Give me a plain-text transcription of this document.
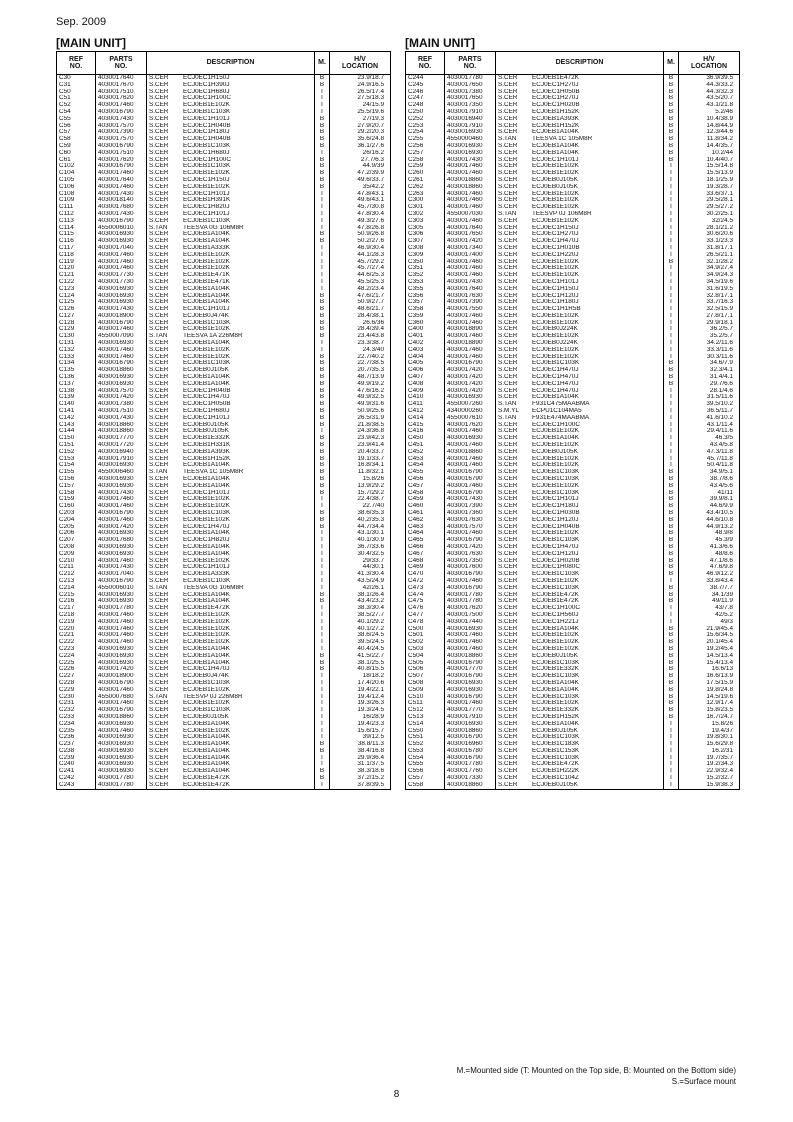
Sep. 2009
[MAIN UNIT]	[MAIN UNIT]
REF
NO.	PARTS
NO.	DESCRIPTION	M.	H/V
LOCATION
C30	4030017640	S.CER ECJ0EC1H150J	B	23.9/18.7
C31	4030017670	S.CER ECJ0EC1H390J	B	24.9/16.5
C50	4030017510	S.CER ECJ0EC1H680J	T	26.5/17.4
C51	4030017620	S.CER ECJ0EC1H100C	T	27.5/18.3
C52	4030017460	S.CER ECJ0EB1E102K	T	24/15.9
C54	4030016790	S.CER ECJ0EB1C103K	T	25.5/19.6
C55	4030017430	S.CER ECJ0EC1H101J	B	27/19.3
C56	4030017570	S.CER ECJ0EC1H040B	B	27.9/20.7
C57	4030017390	S.CER ECJ0EC1H180J	B	29.2/20.3
C58	4030017570	S.CER ECJ0EC1H040B	B	35.6/24.8
C59	4030016790	S.CER ECJ0EB1C103K	B	36.1/27.6
C60	4030017510	S.CER ECJ0EC1H680J	T	26/16.2
C61	4030017620	S.CER ECJ0EC1H100C	B	27.7/6.3
C102	4030016790	S.CER ECJ0EB1C103K	B	44.9/39
C104	4030017460	S.CER ECJ0EB1E102K	B	47.2/39.9
C105	4030017640	S.CER ECJ0EC1H150J	B	49.6/33.7
C106	4030017460	S.CER ECJ0EB1E102K	B	35/42.2
C108	4030017430	S.CER ECJ0EC1H101J	T	47.8/43.1
C109	4030018140	S.CER ECJ0EB1H391K	T	49.6/43.1
C111	4030017680	S.CER ECJ0EC1H820J	T	45.7/30.8
C112	4030017430	S.CER ECJ0EC1H101J	T	47.8/30.4
C113	4030016790	S.CER ECJ0EB1C103K	T	49.3/27.6
C114	4550006010	S.TAN TEESVA 0G 106M8R	T	47.8/26.8
C115	4030016930	S.CER ECJ0EB1A104K	B	50.9/26.8
C116	4030016930	S.CER ECJ0EB1A104K	B	50.2/27.6
C117	4030017040	S.CER ECJ0EB1A333K	T	46.9/30.4
C118	4030017460	S.CER ECJ0EB1E102K	T	44.1/28.3
C119	4030017460	S.CER ECJ0EB1E102K	T	45.7/29.2
C120	4030017460	S.CER ECJ0EB1E102K	T	45.7/27.4
C121	4030017730	S.CER ECJ0EB1E471K	T	44.6/25.3
C122	4030017730	S.CER ECJ0EB1E471K	T	45.5/25.3
C123	4030016930	S.CER ECJ0EB1A104K	T	48.2/23.4
C124	4030016930	S.CER ECJ0EB1A104K	B	47.6/21.7
C125	4030016930	S.CER ECJ0EB1A104K	B	50.9/27.7
C126	4030017430	S.CER ECJ0EC1H101J	B	48.6/21.7
C127	4030018900	S.CER ECJ0EB0J474K	B	28.4/38.1
C128	4030016790	S.CER ECJ0EB1C103K	B	26.6/36
C129	4030017460	S.CER ECJ0EB1E102K	B	28.4/39.4
C130	4550007090	S.TAN TEESVA 1A 226M8R	B	23.4/43.8
C131	4030016930	S.CER ECJ0EB1A104K	T	23.3/38.7
C132	4030017460	S.CER ECJ0EB1E102K	T	24.3/40
C133	4030017460	S.CER ECJ0EB1E102K	B	22.7/40.2
C134	4030016790	S.CER ECJ0EB1C103K	B	22.7/38.5
C135	4030018860	S.CER ECJ0EB0J105K	B	20.7/35.3
C136	4030016930	S.CER ECJ0EB1A104K	B	48.7/13.9
C137	4030016930	S.CER ECJ0EB1A104K	B	49.9/19.2
C138	4030017570	S.CER ECJ0EC1H040B	B	47.6/16.2
C139	4030017420	S.CER ECJ0EC1H470J	B	49.9/32.5
C140	4030017380	S.CER ECJ0EC1H050B	B	49.9/31.6
C141	4030017510	S.CER ECJ0EC1H680J	B	50.9/25.6
C142	4030017430	S.CER ECJ0EC1H101J	B	26.5/31.9
C143	4030018860	S.CER ECJ0EB0J105K	B	21.8/38.5
C144	4030018860	S.CER ECJ0EB0J105K	T	24.3/36.8
C150	4030017770	S.CER ECJ0EB1E332K	B	23.9/42.3
C151	4030017720	S.CER ECJ0EB1H331K	B	23.9/41.4
C152	4030016940	S.CER ECJ0EB1A393K	B	20.4/33.7
C153	4030017910	S.CER ECJ0EB1H152K	B	19.1/33.7
C154	4030016930	S.CER ECJ0EB1A104K	B	16.8/34.1
C155	4550006460	S.TAN TEESVA 1C 105M8R	B	11.8/32.1
C156	4030016930	S.CER ECJ0EB1A104K	B	15.8/26
C157	4030016930	S.CER ECJ0EB1A104K	B	13.9/29.2
C158	4030017430	S.CER ECJ0EC1H101J	B	15.7/29.2
C159	4030017460	S.CER ECJ0EB1E102K	T	22.4/38.7
C160	4030017460	S.CER ECJ0EB1E102K	T	22.7/40
C203	4030016790	S.CER ECJ0EB1C103K	B	38.6/35.3
C204	4030017460	S.CER ECJ0EB1E102K	B	40.2/35.3
C205	4030017420	S.CER ECJ0EC1H470J	B	44.7/34.4
C206	4030016930	S.CER ECJ0EB1A104K	T	43.1/30.1
C207	4030017680	S.CER ECJ0EC1H820J	T	40.1/30.9
C208	4030016930	S.CER ECJ0EB1A104K	T	36.7/33.6
C209	4030016930	S.CER ECJ0EB1A104K	T	30.4/32.5
C210	4030017460	S.CER ECJ0EB1E102K	T	29/33.7
C211	4030017430	S.CER ECJ0EC1H101J	T	44/30.1
C212	4030017040	S.CER ECJ0EB1A333K	T	41.3/30.4
C213	4030016790	S.CER ECJ0EB1C103K	T	43.5/24.9
C214	4550006010	S.TAN TEESVA 0G 106M8R	T	42/26.1
C215	4030016930	S.CER ECJ0EB1A104K	B	38.1/26.4
C216	4030016930	S.CER ECJ0EB1A104K	B	43.4/23.2
C217	4030017780	S.CER ECJ0EB1E472K	T	38.3/30.4
C218	4030017460	S.CER ECJ0EB1E102K	T	38.5/27.7
C219	4030017460	S.CER ECJ0EB1E102K	T	40.1/29.2
C220	4030017460	S.CER ECJ0EB1E102K	T	40.1/27.2
C221	4030017460	S.CER ECJ0EB1E102K	T	38.6/24.5
C222	4030017460	S.CER ECJ0EB1E102K	T	39.5/24.5
C223	4030016930	S.CER ECJ0EB1A104K	T	40.4/24.5
C224	4030016930	S.CER ECJ0EB1A104K	B	41.5/22.7
C225	4030016930	S.CER ECJ0EB1A104K	B	38.1/25.5
C226	4030017420	S.CER ECJ0EC1H470J	B	40.8/15.5
C227	4030018900	S.CER ECJ0EB0J474K	T	18/18.2
C228	4030016790	S.CER ECJ0EB1C103K	T	17.4/20.6
C229	4030017460	S.CER ECJ0EB1E102K	T	19.4/22.1
C230	4550007680	S.TAN TEESVP 0J 226M8R	T	19.4/12.4
C231	4030017460	S.CER ECJ0EB1E102K	T	19.3/26.3
C232	4030016790	S.CER ECJ0EB1C103K	T	19.3/24.5
C233	4030018860	S.CER ECJ0EB0J105K	T	16/28.9
C234	4030016930	S.CER ECJ0EB1A104K	T	19.4/23.3
C235	4030017460	S.CER ECJ0EB1E102K	T	15.6/15.7
C236	4030016930	S.CER ECJ0EB1A104K	T	39/12.5
C237	4030016930	S.CER ECJ0EB1A104K	B	38.8/11.3
C238	4030016930	S.CER ECJ0EB1A104K	B	38.4/16.8
C239	4030016930	S.CER ECJ0EB1A104K	T	29.9/36.4
C240	4030016930	S.CER ECJ0EB1A104K	T	31.1/37.5
C241	4030016930	S.CER ECJ0EB1A104K	B	38.3/18.6
C242	4030017780	S.CER ECJ0EB1E472K	B	37.2/15.2
C243	4030017780	S.CER ECJ0EB1E472K	T	37.8/39.5
REF
NO.	PARTS
NO.	DESCRIPTION	M.	H/V
LOCATION
C244	4030017780	S.CER ECJ0EB1E472K	B	36.9/39.5
C245	4030017650	S.CER ECJ0EC1H270J	B	44.3/33.2
C246	4030017380	S.CER ECJ0EC1H050B	B	44.3/32.3
C247	4030017650	S.CER ECJ0EC1H270J	B	43.5/20.7
C248	4030017350	S.CER ECJ0EC1H020B	B	43.1/21.8
C250	4030017910	S.CER ECJ0EB1H152K	B	5.2/46
C252	4030016940	S.CER ECJ0EB1A393K	B	10.4/38.9
C253	4030017910	S.CER ECJ0EB1H152K	B	14.8/44.9
C254	4030016930	S.CER ECJ0EB1A104K	B	12.3/44.6
C255	4550000460	S.TAN TEESVA 1C 105M8R	B	11.8/34.2
C256	4030016930	S.CER ECJ0EB1A104K	B	14.4/35.7
C257	4030016930	S.CER ECJ0EB1A104K	B	10.2/44
C258	4030017430	S.CER ECJ0EC1H101J	B	10.4/40.7
C259	4030017460	S.CER ECJ0EB1E102K	T	15.5/14.8
C260	4030017460	S.CER ECJ0EB1E102K	T	15.5/13.9
C261	4030018860	S.CER ECJ0EB0J105K	T	18.1/25.9
C262	4030018860	S.CER ECJ0EB0J105K	T	19.3/28.7
C263	4030017460	S.CER ECJ0EB1E102K	T	33.6/37.1
C300	4030017460	S.CER ECJ0EB1E102K	T	29.5/28.1
C301	4030017460	S.CER ECJ0EB1E102K	T	29.5/27.2
C302	4550007030	S.TAN TEESVP 0J 106M8R	T	30.2/25.1
C303	4030017460	S.CER ECJ0EB1E102K	T	32/24.5
C305	4030017640	S.CER ECJ0EC1H150J	T	28.1/21.2
C306	4030017650	S.CER ECJ0EC1H270J	T	30.6/20.6
C307	4030017420	S.CER ECJ0EC1H470J	T	33.1/23.3
C308	4030017340	S.CER ECJ0EC1H010B	T	31.8/17.1
C309	4030017400	S.CER ECJ0EC1H220J	T	26.5/21.1
C350	4030017460	S.CER ECJ0EB1E102K	B	32.1/28.2
C351	4030017460	S.CER ECJ0EB1E102K	T	34.9/27.4
C352	4030017460	S.CER ECJ0EB1E102K	T	34.9/24.3
C353	4030017430	S.CER ECJ0EC1H101J	T	34.5/19.6
C355	4030017640	S.CER ECJ0EC1H150J	T	31.6/19.5
C356	4030017630	S.CER ECJ0EC1H120J	T	32.8/17.1
C357	4030017390	S.CER ECJ0EC1H180J	T	33.7/16.3
C358	4030017550	S.CER ECJ0EC1H1R5B	T	32.5/15.9
C359	4030017460	S.CER ECJ0EB1E102K	T	27.8/17.1
C360	4030017460	S.CER ECJ0EB1E102K	T	29.9/18.1
C400	4030018890	S.CER ECJ0EB0J224K	T	36.2/5.7
C401	4030017460	S.CER ECJ0EB1E102K	T	35.2/5.7
C402	4030018890	S.CER ECJ0EB0J224K	T	34.2/11.6
C403	4030017460	S.CER ECJ0EB1E102K	T	33.3/11.6
C404	4030017460	S.CER ECJ0EB1E102K	T	30.3/11.6
C405	4030016790	S.CER ECJ0EB1C103K	B	34.6/7.9
C406	4030017420	S.CER ECJ0EC1H470J	B	32.3/4.1
C407	4030017420	S.CER ECJ0EC1H470J	B	31.4/4.1
C408	4030017420	S.CER ECJ0EC1H470J	B	29.7/6.6
C409	4030017420	S.CER ECJ0EC1H470J	T	28.1/4.6
C410	4030016930	S.CER ECJ0EB1A104K	T	31.5/11.6
C411	4550007260	S.TAN F931C475MAABMA	T	39.5/10.2
C412	4340000260	S.M.YL ECPU1C104MA5	T	36.5/11.7
C414	4550007610	S.TAN F931E474MAABMA	T	41.6/10.2
C415	4030017620	S.CER ECJ0EC1H100C	T	43.1/11.4
C416	4030017460	S.CER ECJ0EB1E102K	T	29.4/11.6
C450	4030016930	S.CER ECJ0EB1A104K	T	46.3/5
C451	4030017460	S.CER ECJ0EB1E102K	T	43.4/5.8
C452	4030018860	S.CER ECJ0EB0J105K	T	47.3/11.8
C453	4030017460	S.CER ECJ0EB1E102K	T	45.7/11.8
C454	4030017460	S.CER ECJ0EB1E102K	T	50.4/11.8
C455	4030016790	S.CER ECJ0EB1C103K	B	34.9/5.1
C456	4030016790	S.CER ECJ0EB1C103K	B	38.7/8.6
C457	4030017460	S.CER ECJ0EB1E102K	B	43.4/5.6
C458	4030016790	S.CER ECJ0EB1C103K	B	41/11
C459	4030017430	S.CER ECJ0EC1H101J	B	39.9/8.1
C460	4030017390	S.CER ECJ0EC1H180J	B	44.6/9.9
C461	4030017360	S.CER ECJ0EC1H030B	B	43.4/10.5
C462	4030017630	S.CER ECJ0EC1H120J	B	44.6/10.8
C463	4030017570	S.CER ECJ0EC1H040B	B	44.9/13.2
C464	4030017460	S.CER ECJ0EB1E102K	B	48.9/8
C465	4030016790	S.CER ECJ0EB1C103K	B	45.3/9
C466	4030017420	S.CER ECJ0EC1H470J	B	41.3/6.6
C467	4030017630	S.CER ECJ0EC1H120J	B	48/8.6
C468	4030017350	S.CER ECJ0EC1H020B	B	47.1/8.6
C469	4030017600	S.CER ECJ0EC1H080C	B	47.6/9.8
C470	4030016790	S.CER ECJ0EB1C103K	B	46.9/12.2
C472	4030017460	S.CER ECJ0EB1E102K	T	33.8/43.4
C473	4030016790	S.CER ECJ0EB1C103K	B	38.7/7.7
C474	4030017780	S.CER ECJ0EB1E472K	B	34.1/39
C475	4030017780	S.CER ECJ0EB1E472K	B	49/11.9
C476	4030017620	S.CER ECJ0EC1H100C	T	43/7.8
C477	4030017500	S.CER ECJ0EC1H560J	T	42/5.2
C478	4030017440	S.CER ECJ0EC1H221J	T	49/3
C500	4030016930	S.CER ECJ0EB1A104K	B	21.9/45.4
C501	4030017460	S.CER ECJ0EB1E102K	B	15.6/34.5
C502	4030017460	S.CER ECJ0EB1E102K	B	20.1/45.4
C503	4030017460	S.CER ECJ0EB1E102K	B	19.2/45.4
C504	4030018860	S.CER ECJ0EB0J105K	B	14.5/13.4
C505	4030016790	S.CER ECJ0EB1C103K	B	15.4/13.4
C506	4030017770	S.CER ECJ0EB1E332K	B	16.6/13
C507	4030016790	S.CER ECJ0EB1C103K	B	16.6/13.9
C508	4030016930	S.CER ECJ0EB1A104K	B	17.5/15.9
C509	4030016930	S.CER ECJ0EB1A104K	B	19.8/24.8
C510	4030016790	S.CER ECJ0EB1C103K	B	14.5/19.6
C511	4030017460	S.CER ECJ0EB1E102K	B	12.9/17.4
C512	4030017770	S.CER ECJ0EB1E332K	B	15.8/23.5
C513	4030017910	S.CER ECJ0EB1H152K	B	16.7/24.7
C514	4030016930	S.CER ECJ0EB1A104K	T	15.8/26
C550	4030018860	S.CER ECJ0EB0J105K	T	19.4/37
C551	4030016790	S.CER ECJ0EB1C103K	T	19.8/30.1
C552	4030016960	S.CER ECJ0EB1C183K	T	15.6/29.8
C553	4030016780	S.CER ECJ0EB1C153K	T	16.2/31
C554	4030016790	S.CER ECJ0EB1C103K	T	19.7/35.7
C555	4030017780	S.CER ECJ0EB1E472K	T	19.2/34.3
C556	4030017760	S.CER ECJ0EB1H222K	T	22.9/32.4
C557	4030017330	S.CER ECJ0EB1C104Z	T	15.2/32.7
C558	4030018860	S.CER ECJ0EB0J105K	T	15.9/38.3
M.=Mounted side (T: Mounted on the Top side, B: Mounted on the Bottom side)
S.=Surface mount
8
